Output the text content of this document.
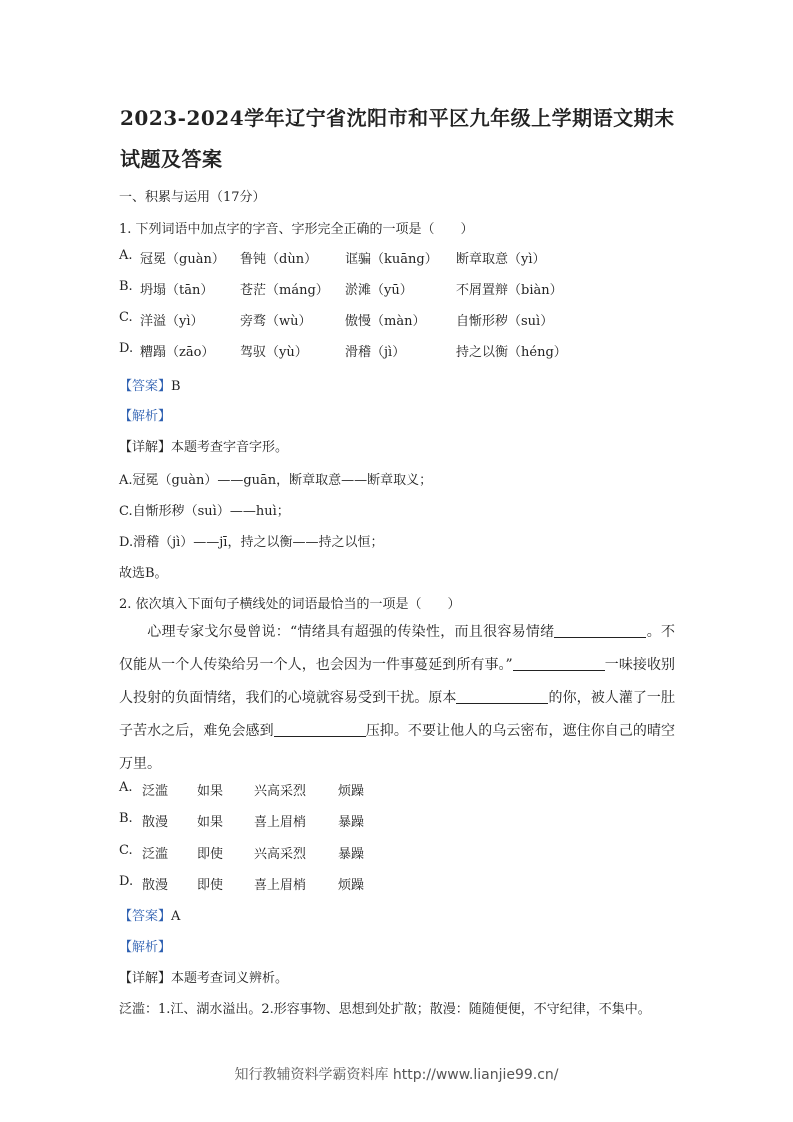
2023-2024学年辽宁省沈阳市和平区九年级上学期语文期末
试题及答案
一、积累与运用（17分）
1. 下列词语中加点字的字音、字形完全正确的一项是（　　）
A. 冠冕（guàn） 鲁钝（dùn） 诓骗（kuāng） 断章取意（yì）
B. 坍塌（tān） 苍茫（máng） 淤滩（yū）	不屑置辩（biàn）
C. 洋溢（yì）	旁骛（wù）	傲慢（màn） 自惭形秽（suì）
D. 糟蹋（zāo） 驾驭（yù）	滑稽（jì）	持之以衡（héng）
【答案】B
【解析】
【详解】本题考查字音字形。
A.冠冕（guàn）——guān，断章取意——断章取义；
C.自惭形秽（suì）——huì；
D.滑稽（jì）——jī，持之以衡——持之以恒；
故选B。
2. 依次填入下面句子横线处的词语最恰当的一项是（　　）
心理专家戈尔曼曾说：“情绪具有超强的传染性，而且很容易情绪	。不仅能从一个人传染给另一个人，也会因为一件事蔓延到所有事。”	一味接收别人投射的负面情绪，我们的心境就容易受到干扰。原本	的你，被人灌了一肚子苦水之后，难免会感到	压抑。不要让他人的乌云密布，遮住你自己的晴空万里。
A. 泛滥 如果 兴高采烈 烦躁
B. 散漫 如果 喜上眉梢 暴躁
C. 泛滥 即使 兴高采烈 暴躁
D. 散漫 即使 喜上眉梢 烦躁
【答案】A
【解析】
【详解】本题考查词义辨析。
泛滥：1.江、湖水溢出。2.形容事物、思想到处扩散；散漫：随随便便，不守纪律，不集中。
知行教辅资料学霸资料库 http://www.lianjie99.cn/
